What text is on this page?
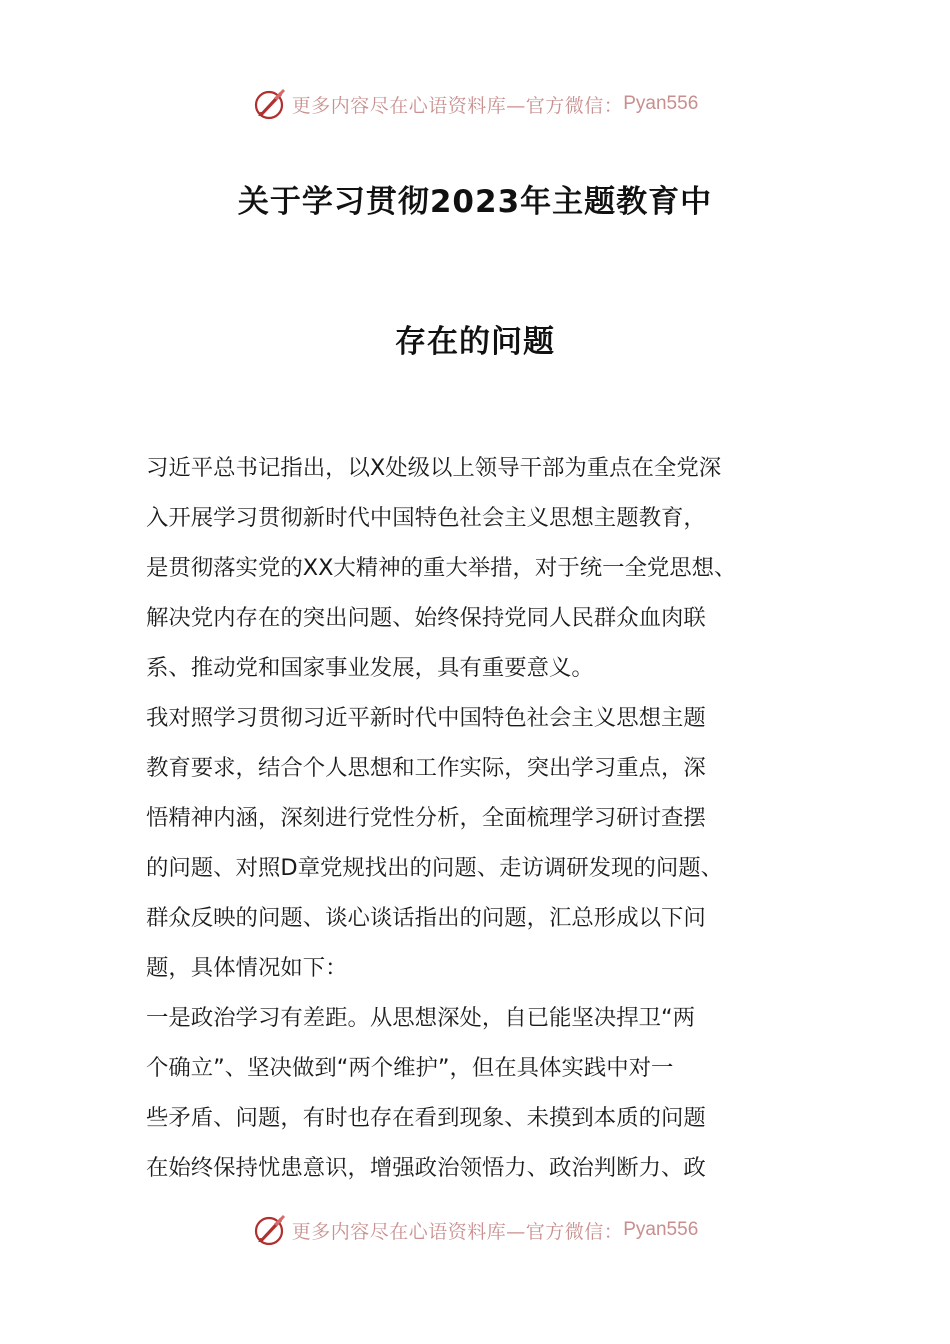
更多内容尽在心语资料库—官方微信： Pyan556
关于学习贯彻2023年主题教育中
存在的问题
习近平总书记指出，以X处级以上领导干部为重点在全党深
入开展学习贯彻新时代中国特色社会主义思想主题教育，
是贯彻落实党的XX大精神的重大举措，对于统一全党思想、
解决党内存在的突出问题、始终保持党同人民群众血肉联
系、推动党和国家事业发展，具有重要意义。
我对照学习贯彻习近平新时代中国特色社会主义思想主题
教育要求，结合个人思想和工作实际，突出学习重点，深
悟精神内涵，深刻进行党性分析，全面梳理学习研讨查摆
的问题、对照D章党规找出的问题、走访调研发现的问题、
群众反映的问题、谈心谈话指出的问题，汇总形成以下问
题，具体情况如下：
一是政治学习有差距。从思想深处，自已能坚决捍卫“两
个确立”、坚决做到“两个维护”，但在具体实践中对一
些矛盾、问题，有时也存在看到现象、未摸到本质的问题
在始终保持忧患意识，增强政治领悟力、政治判断力、政
更多内容尽在心语资料库—官方微信： Pyan556
